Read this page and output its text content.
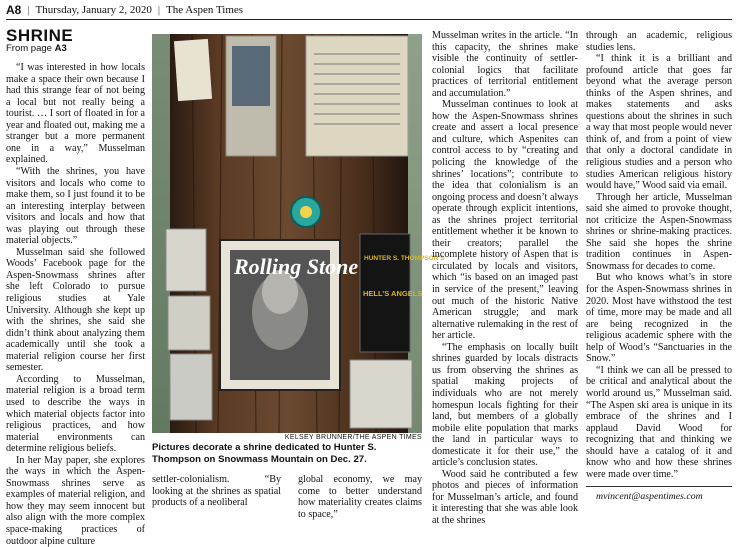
A8 | Thursday, January 2, 2020 | The Aspen Times
SHRINE
From page A3

“I was interested in how locals make a space their own because I had this strange fear of not being a local but not really being a tourist. … I sort of floated in for a year and floated out, making me a stranger but a more permanent one in a way,” Musselman explained.

“With the shrines, you have visitors and locals who come to make them, so I just found it to be an interesting interplay between visitors and locals and how that was playing out through these material objects.”

Musselman said she followed Woods’ Facebook page for the Aspen-Snowmass shrines after she left Colorado to pursue religious studies at Yale University. Although she kept up with the shrines, she said she didn’t think about analyzing them academically until she took a material religion course her first semester.

According to Musselman, material religion is a broad term used to describe the ways in which material objects factor into religious practices, and how material environments can determine religious beliefs.

In her May paper, she explores the ways in which the Aspen-Snowmass shrines serve as examples of material religion, and how they may seem innocent but also align with the more complex space-making practices of outdoor alpine culture

Rolling Stone HUNTER S. THOMPSON’S
HELL’S ANGELS
KELSEY BRUNNER/THE ASPEN TIMES
Pictures decorate a shrine dedicated to Hunter S. Thompson on Snowmass Mountain on Dec. 27.

settler-colonialism. “By looking at the shrines as spatial products of a neoliberal

global economy, we may come to better understand how materiality creates claims to space,”

Musselman writes in the article. “In this capacity, the shrines make visible the continuity of settler-colonial logics that facilitate practices of territorial entitlement and accumulation.”

Musselman continues to look at how the Aspen-Snowmass shrines create and assert a local presence and culture, which Aspenites can control access to by “creating and policing the knowledge of the shrines’ locations”; contribute to the idea that colonialism is an ongoing process and doesn’t always operate through explicit intentions, as the shrines project territorial entitlement whether it be known to their creators; parallel the incomplete history of Aspen that is circulated by locals and visitors, which “is based on an imaged past in service of the present,” leaving out much of the historic Native American struggle; and mark alternative rulemaking in the rest of her article.

“The emphasis on locally built shrines guarded by locals distracts us from observing the shrines as spatial making projects of individuals who are not merely homespun locals fighting for their land, but members of a globally mobile elite population that marks the land in particular ways to domesticate it for their use,” the article’s conclusion states.

Wood said he contributed a few photos and pieces of information for Musselman’s article, and found it interesting that she was able look at the shrines

through an academic, religious studies lens.

“I think it is a brilliant and profound article that goes far beyond what the average person thinks of the Aspen shrines, and makes statements and asks questions about the shrines in such a way that most people would never think of, and from a point of view that only a doctoral candidate in religious studies and a person who studies American religious history would have,” Wood said via email.

Through her article, Musselman said she aimed to provoke thought, not criticize the Aspen-Snowmass shrines or shrine-making practices. She said she hopes the shrine tradition continues in Aspen-Snowmass for decades to come.

But who knows what’s in store for the Aspen-Snowmass shrines in 2020. Most have withstood the test of time, more may be made and all are being recognized in the religious academic sphere with the help of Wood’s “Sanctuaries in the Snow.”

“I think we can all be pressed to be critical and analytical about the world around us,” Musselman said. “The Aspen ski area is unique in its embrace of the shrines and I applaud David Wood for recognizing that and thinking we should have a catalog of it and know who and how these shrines were made over time.”

mvincent@aspentimes.com
